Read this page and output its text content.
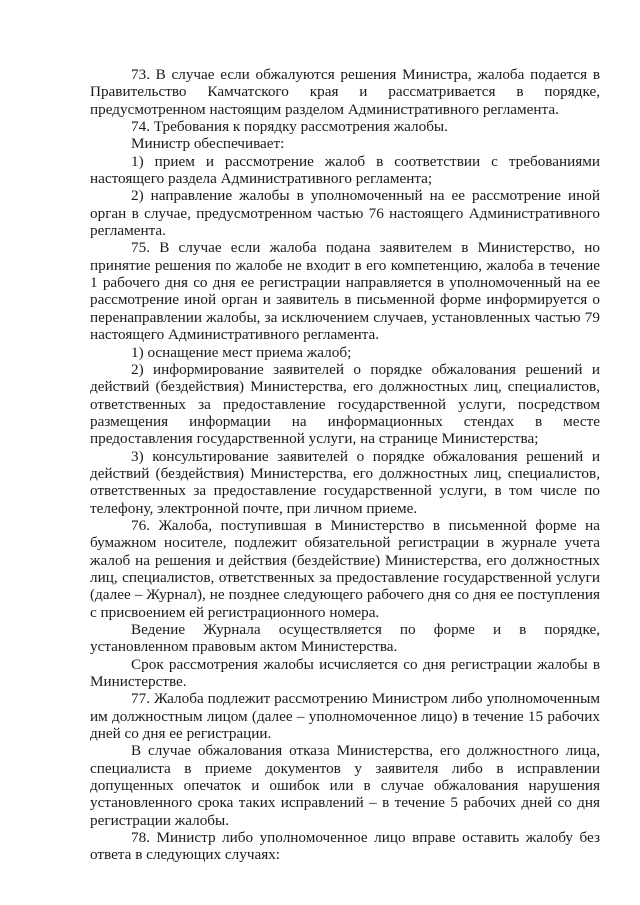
73. В случае если обжалуются решения Министра, жалоба подается в Правительство Камчатского края и рассматривается в порядке, предусмотренном настоящим разделом Административного регламента.

74. Требования к порядку рассмотрения жалобы.

Министр обеспечивает:

1) прием и рассмотрение жалоб в соответствии с требованиями настоящего раздела Административного регламента;

2) направление жалобы в уполномоченный на ее рассмотрение иной орган в случае, предусмотренном частью 76 настоящего Административного регламента.

75. В случае если жалоба подана заявителем в Министерство, но принятие решения по жалобе не входит в его компетенцию, жалоба в течение 1 рабочего дня со дня ее регистрации направляется в уполномоченный на ее рассмотрение иной орган и заявитель в письменной форме информируется о перенаправлении жалобы, за исключением случаев, установленных частью 79 настоящего Административного регламента.

1) оснащение мест приема жалоб;

2) информирование заявителей о порядке обжалования решений и действий (бездействия) Министерства, его должностных лиц, специалистов, ответственных за предоставление государственной услуги, посредством размещения информации на информационных стендах в месте предоставления государственной услуги, на странице Министерства;

3) консультирование заявителей о порядке обжалования решений и действий (бездействия) Министерства, его должностных лиц, специалистов, ответственных за предоставление государственной услуги, в том числе по телефону, электронной почте, при личном приеме.

76. Жалоба, поступившая в Министерство в письменной форме на бумажном носителе, подлежит обязательной регистрации в журнале учета жалоб на решения и действия (бездействие) Министерства, его должностных лиц, специалистов, ответственных за предоставление государственной услуги (далее – Журнал), не позднее следующего рабочего дня со дня ее поступления с присвоением ей регистрационного номера.

Ведение Журнала осуществляется по форме и в порядке, установленном правовым актом Министерства.

Срок рассмотрения жалобы исчисляется со дня регистрации жалобы в Министерстве.

77. Жалоба подлежит рассмотрению Министром либо уполномоченным им должностным лицом (далее – уполномоченное лицо) в течение 15 рабочих дней со дня ее регистрации.

В случае обжалования отказа Министерства, его должностного лица, специалиста в приеме документов у заявителя либо в исправлении допущенных опечаток и ошибок или в случае обжалования нарушения установленного срока таких исправлений – в течение 5 рабочих дней со дня регистрации жалобы.

78. Министр либо уполномоченное лицо вправе оставить жалобу без ответа в следующих случаях:
